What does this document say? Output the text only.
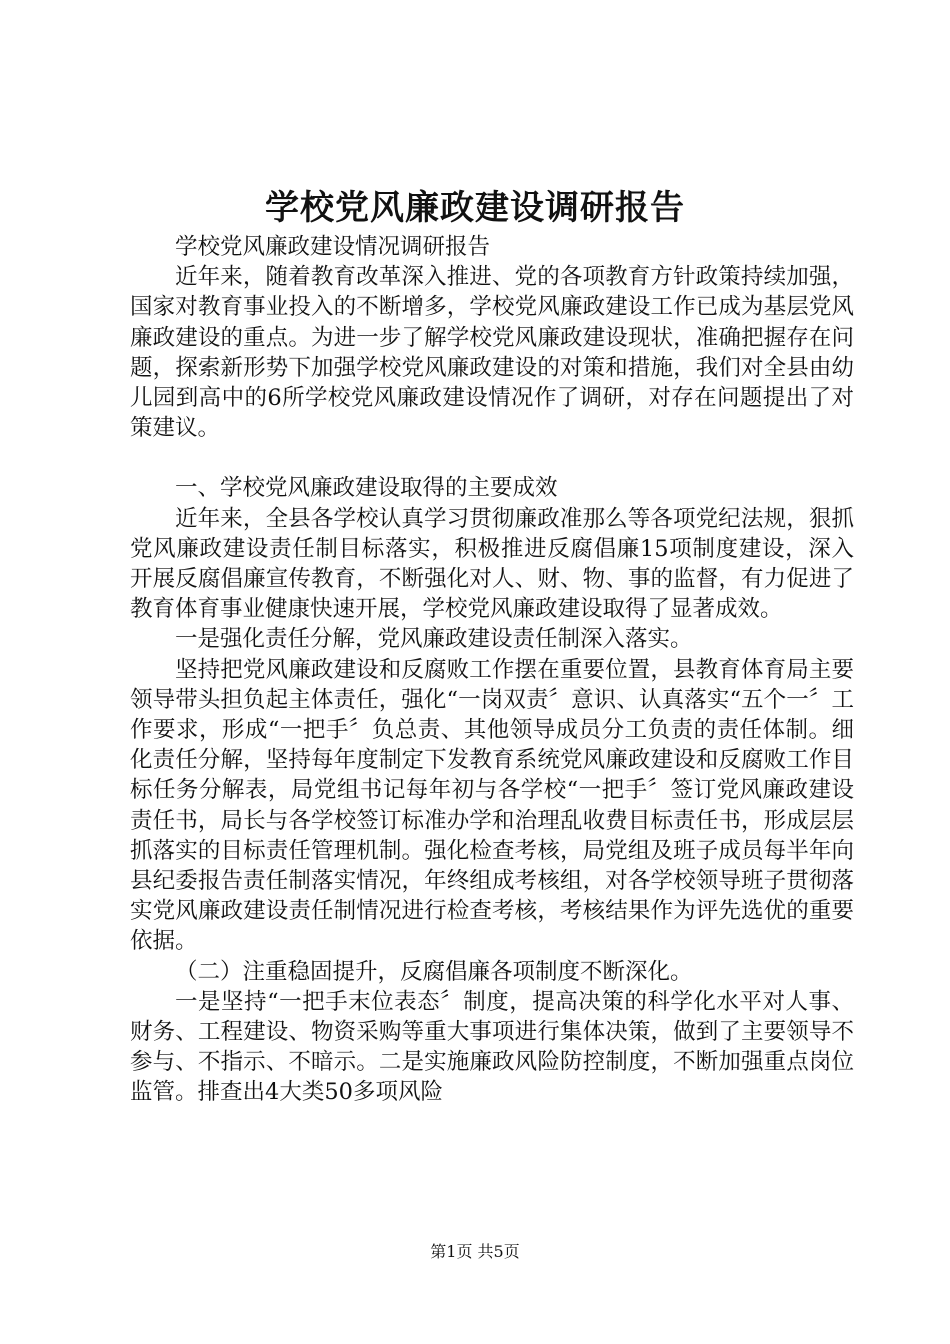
学校党风廉政建设调研报告

学校党风廉政建设情况调研报告

近年来，随着教育改革深入推进、党的各项教育方针政策持续加强，国家对教育事业投入的不断增多，学校党风廉政建设工作已成为基层党风廉政建设的重点。为进一步了解学校党风廉政建设现状，准确把握存在问题，探索新形势下加强学校党风廉政建设的对策和措施，我们对全县由幼儿园到高中的6所学校党风廉政建设情况作了调研，对存在问题提出了对策建议。

一、学校党风廉政建设取得的主要成效

近年来，全县各学校认真学习贯彻廉政准那么等各项党纪法规，狠抓党风廉政建设责任制目标落实，积极推进反腐倡廉15项制度建设，深入开展反腐倡廉宣传教育，不断强化对人、财、物、事的监督，有力促进了教育体育事业健康快速开展，学校党风廉政建设取得了显著成效。

一是强化责任分解，党风廉政建设责任制深入落实。

坚持把党风廉政建设和反腐败工作摆在重要位置，县教育体育局主要领导带头担负起主体责任，强化“一岗双责〞意识、认真落实“五个一〞工作要求，形成“一把手〞负总责、其他领导成员分工负责的责任体制。细化责任分解，坚持每年度制定下发教育系统党风廉政建设和反腐败工作目标任务分解表，局党组书记每年初与各学校“一把手〞签订党风廉政建设责任书，局长与各学校签订标准办学和治理乱收费目标责任书，形成层层抓落实的目标责任管理机制。强化检查考核，局党组及班子成员每半年向县纪委报告责任制落实情况，年终组成考核组，对各学校领导班子贯彻落实党风廉政建设责任制情况进行检查考核，考核结果作为评先选优的重要依据。

（二）注重稳固提升，反腐倡廉各项制度不断深化。

一是坚持“一把手末位表态〞制度，提高决策的科学化水平对人事、财务、工程建设、物资采购等重大事项进行集体决策，做到了主要领导不参与、不指示、不暗示。二是实施廉政风险防控制度，不断加强重点岗位监管。排查出4大类50多项风险

第1页 共5页
